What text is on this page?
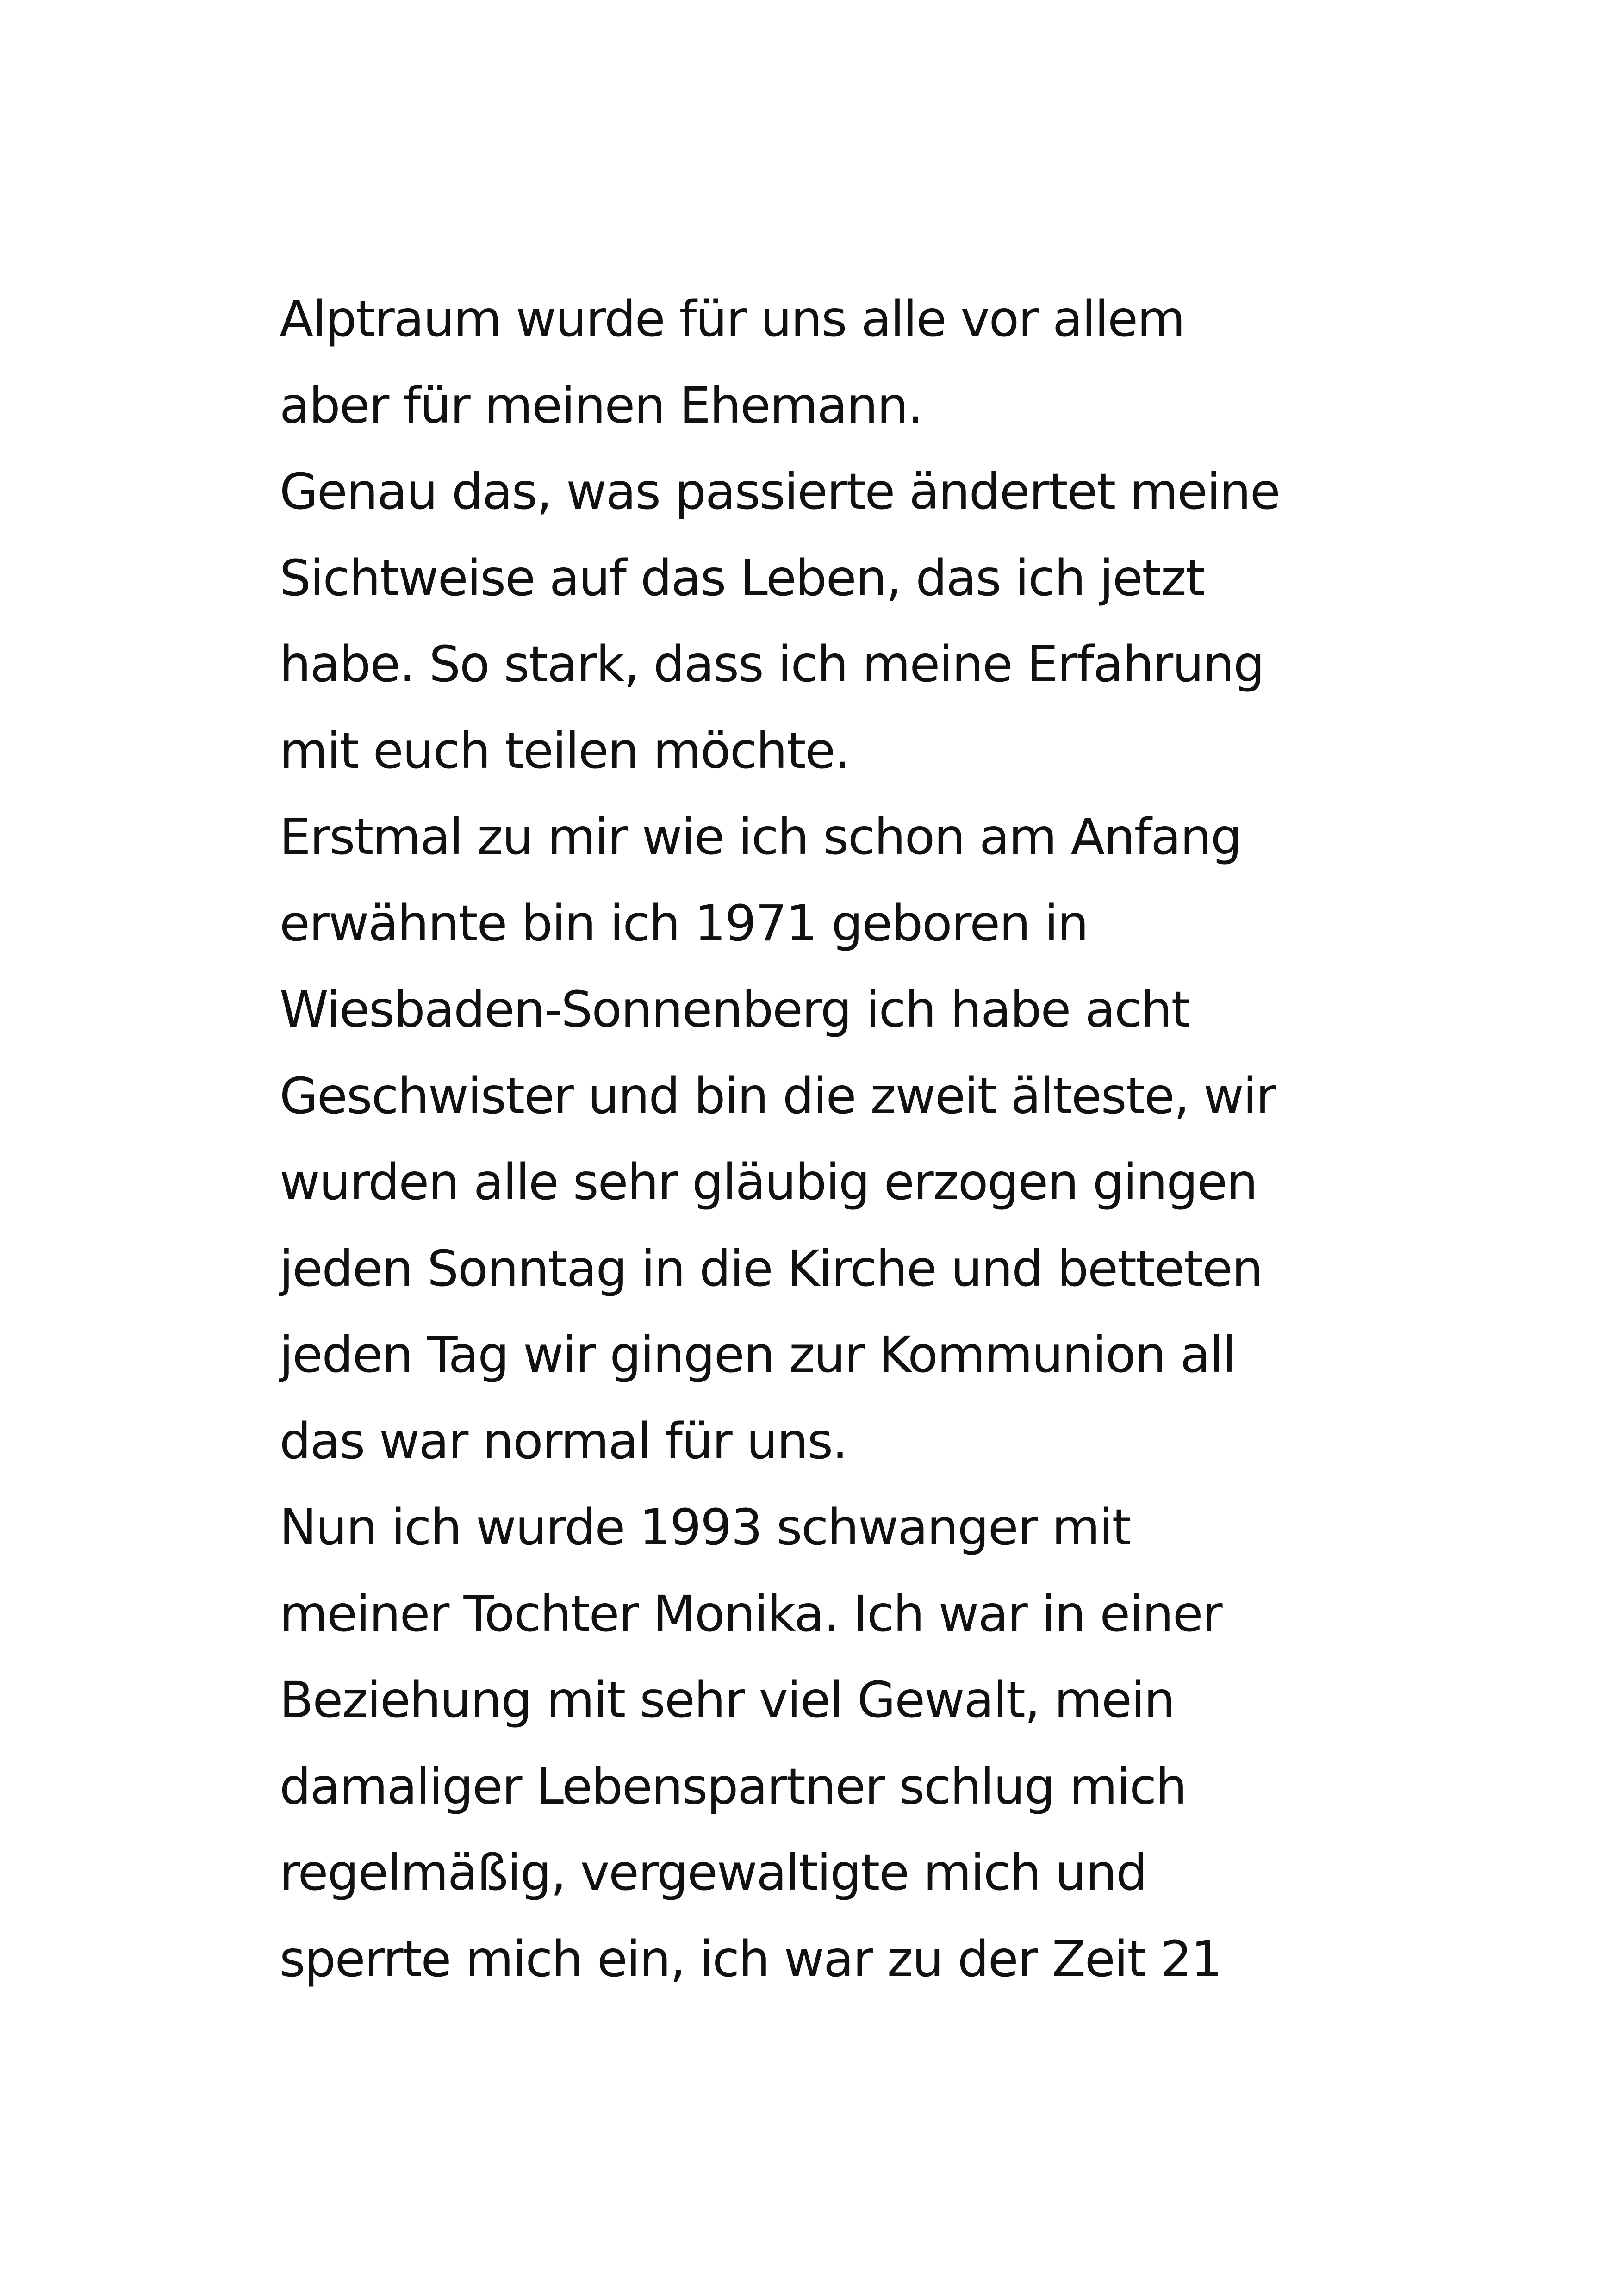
Alptraum wurde für uns alle vor allem
aber für meinen Ehemann.
Genau das, was passierte ändertet meine
Sichtweise auf das Leben, das ich jetzt
habe. So stark, dass ich meine Erfahrung
mit euch teilen möchte.
Erstmal zu mir wie ich schon am Anfang
erwähnte bin ich 1971 geboren in
Wiesbaden-Sonnenberg ich habe acht
Geschwister und bin die zweit älteste, wir
wurden alle sehr gläubig erzogen gingen
jeden Sonntag in die Kirche und betteten
jeden Tag wir gingen zur Kommunion all
das war normal für uns.
Nun ich wurde 1993 schwanger mit
meiner Tochter Monika. Ich war in einer
Beziehung mit sehr viel Gewalt, mein
damaliger Lebenspartner schlug mich
regelmäßig, vergewaltigte mich und
sperrte mich ein, ich war zu der Zeit 21
